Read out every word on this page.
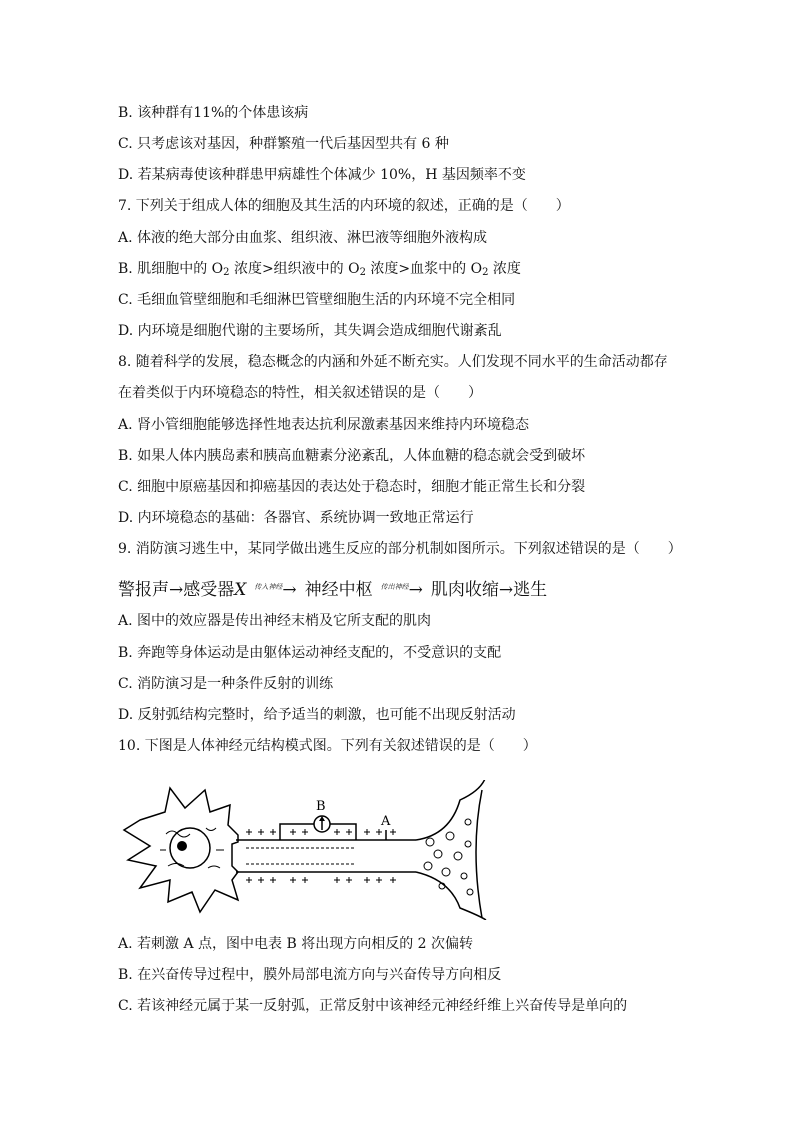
B. 该种群有11%的个体患该病
C. 只考虑该对基因，种群繁殖一代后基因型共有 6 种
D. 若某病毒使该种群患甲病雄性个体减少 10%，H 基因频率不变
7. 下列关于组成人体的细胞及其生活的内环境的叙述，正确的是（　　）
A. 体液的绝大部分由血浆、组织液、淋巴液等细胞外液构成
B. 肌细胞中的 $O_2$ 浓度>组织液中的 $O_2$ 浓度>血浆中的 $O_2$ 浓度
C. 毛细血管壁细胞和毛细淋巴管壁细胞生活的内环境不完全相同
D. 内环境是细胞代谢的主要场所，其失调会造成细胞代谢紊乱
8. 随着科学的发展，稳态概念的内涵和外延不断充实。人们发现不同水平的生命活动都存
在着类似于内环境稳态的特性，相关叙述错误的是（　　）
A. 肾小管细胞能够选择性地表达抗利尿激素基因来维持内环境稳态
B. 如果人体内胰岛素和胰高血糖素分泌紊乱，人体血糖的稳态就会受到破坏
C. 细胞中原癌基因和抑癌基因的表达处于稳态时，细胞才能正常生长和分裂
D. 内环境稳态的基础：各器官、系统协调一致地正常运行
9. 消防演习逃生中，某同学做出逃生反应的部分机制如图所示。下列叙述错误的是（　　）
警报声→感受器X 传入神经→ 神经中枢 传出神经→ 肌肉收缩→逃生
A. 图中的效应器是传出神经末梢及它所支配的肌肉
B. 奔跑等身体运动是由躯体运动神经支配的，不受意识的支配
C. 消防演习是一种条件反射的训练
D. 反射弧结构完整时，给予适当的刺激，也可能不出现反射活动
10. 下图是人体神经元结构模式图。下列有关叙述错误的是（　　）
B
A
A. 若刺激 A 点，图中电表 B 将出现方向相反的 2 次偏转
B. 在兴奋传导过程中，膜外局部电流方向与兴奋传导方向相反
C. 若该神经元属于某一反射弧，正常反射中该神经元神经纤维上兴奋传导是单向的
